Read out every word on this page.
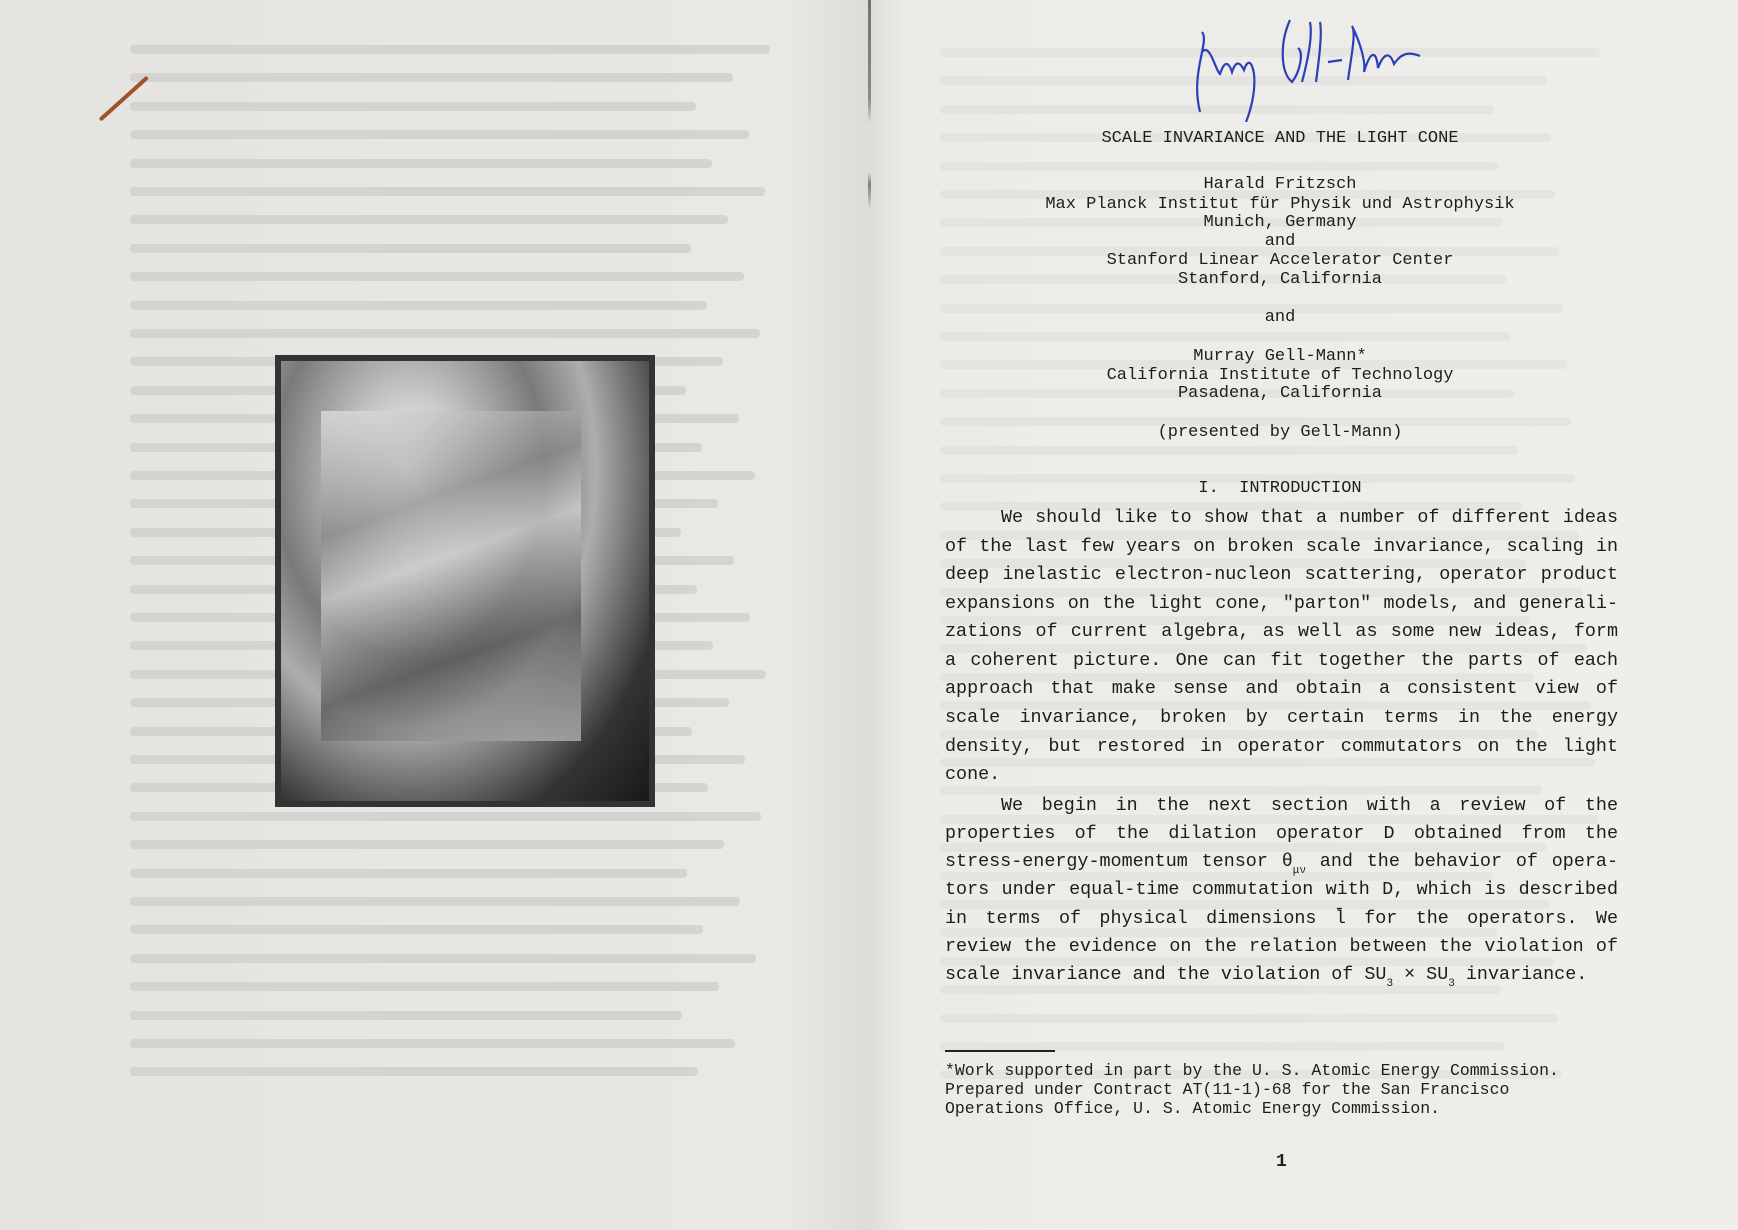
SCALE INVARIANCE AND THE LIGHT CONE
Harald Fritzsch
Max Planck Institut für Physik und Astrophysik
Munich, Germany
and
Stanford Linear Accelerator Center
Stanford, California
and
Murray Gell-Mann*
California Institute of Technology
Pasadena, California
(presented by Gell-Mann)
I.  INTRODUCTION
We should like to show that a number of different ideas
of the last few years on broken scale invariance, scaling in
deep inelastic electron-nucleon scattering, operator product
expansions on the light cone, "parton" models, and generali-
zations of current algebra, as well as some new ideas, form
a coherent picture. One can fit together the parts of each
approach that make sense and obtain a consistent view of
scale invariance, broken by certain terms in the energy
density, but restored in operator commutators on the light
cone.
We begin in the next section with a review of the
properties of the dilation operator D obtained from the
stress-energy-momentum tensor $\theta_{\mu\nu}$ and the behavior of opera-
tors under equal-time commutation with D, which is described
in terms of physical dimensions l̄ for the operators. We
review the evidence on the relation between the violation of
scale invariance and the violation of $SU_3 \times SU_3$ invariance.
*Work supported in part by the U. S. Atomic Energy Commission.
Prepared under Contract AT(11-1)-68 for the San Francisco
Operations Office, U. S. Atomic Energy Commission.
1
